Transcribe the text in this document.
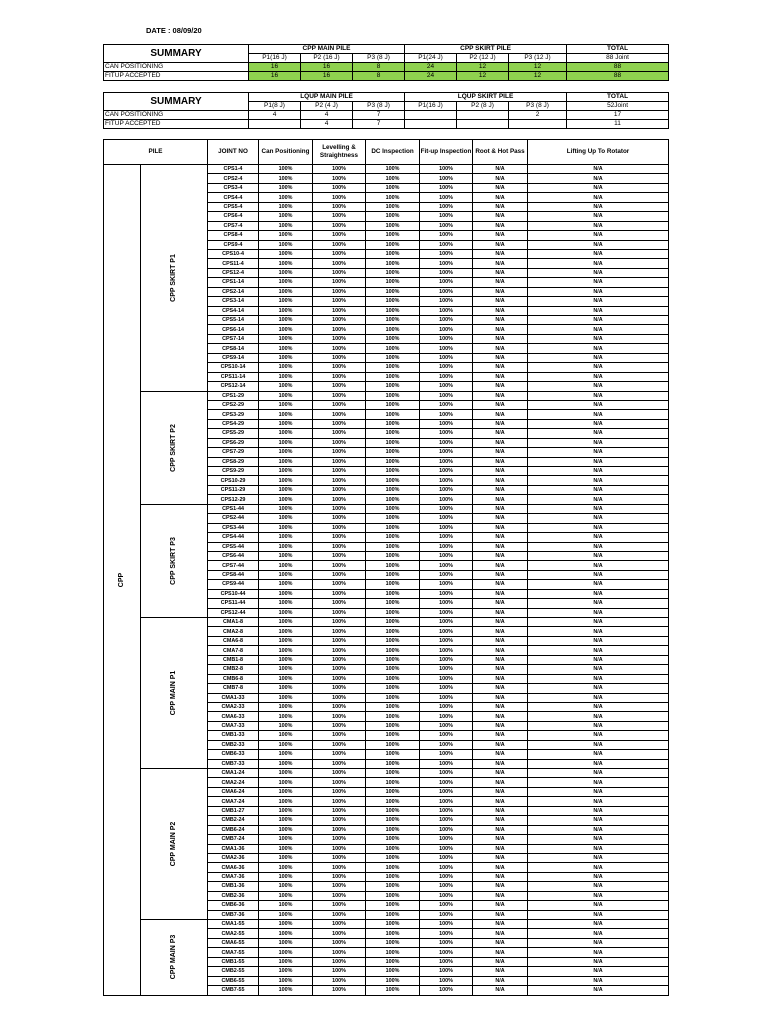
DATE : 08/09/20
SUMMARY	CPP MAIN PILE			CPP SKIRT PILE			TOTAL
	P1(16 J)	P2 (16 J)	P3 (8 J)	P1(24 J)	P2 (12 J)	P3 (12 J)	88 Joint
CAN POSITIONING	16	16	8	24	12	12	88
FITUP ACCEPTED	16	16	8	24	12	12	88
SUMMARY	LQUP MAIN PILE			LQUP SKIRT PILE			TOTAL
	P1(8 J)	P2 (4 J)	P3 (8 J)	P1(16 J)	P2 (8 J)	P3 (8 J)	52Joint
CAN POSITIONING	4	4	7			2	17
FITUP ACCEPTED		4	7				11
PILE		JOINT NO	Can Positioning	Levelling & Straightness	DC Inspection	Fit-up Inspection	Root & Hot Pass	Lifting Up To Rotator	

CPP	CPP SKIRT P1	CPS1-4	100%	100%	100%	100%	N/A	N/A	
		CPS2-4	100%	100%	100%	100%	N/A	N/A	
		CPS3-4	100%	100%	100%	100%	N/A	N/A	
		CPS4-4	100%	100%	100%	100%	N/A	N/A	
		CPS5-4	100%	100%	100%	100%	N/A	N/A	
		CPS6-4	100%	100%	100%	100%	N/A	N/A	
		CPS7-4	100%	100%	100%	100%	N/A	N/A	
		CPS8-4	100%	100%	100%	100%	N/A	N/A	
		CPS9-4	100%	100%	100%	100%	N/A	N/A	
		CPS10-4	100%	100%	100%	100%	N/A	N/A	
		CPS11-4	100%	100%	100%	100%	N/A	N/A	
		CPS12-4	100%	100%	100%	100%	N/A	N/A	
		CPS1-14	100%	100%	100%	100%	N/A	N/A	
		CPS2-14	100%	100%	100%	100%	N/A	N/A	
		CPS3-14	100%	100%	100%	100%	N/A	N/A	
		CPS4-14	100%	100%	100%	100%	N/A	N/A	
		CPS5-14	100%	100%	100%	100%	N/A	N/A	
		CPS6-14	100%	100%	100%	100%	N/A	N/A	
		CPS7-14	100%	100%	100%	100%	N/A	N/A	
		CPS8-14	100%	100%	100%	100%	N/A	N/A	
		CPS9-14	100%	100%	100%	100%	N/A	N/A	
		CPS10-14	100%	100%	100%	100%	N/A	N/A	
		CPS11-14	100%	100%	100%	100%	N/A	N/A	
		CPS12-14	100%	100%	100%	100%	N/A	N/A	

	CPP SKIRT P2	CPS1-29	100%	100%	100%	100%	N/A	N/A	
		CPS2-29	100%	100%	100%	100%	N/A	N/A	
		CPS3-29	100%	100%	100%	100%	N/A	N/A	
		CPS4-29	100%	100%	100%	100%	N/A	N/A	
		CPS5-29	100%	100%	100%	100%	N/A	N/A	
		CPS6-29	100%	100%	100%	100%	N/A	N/A	
		CPS7-29	100%	100%	100%	100%	N/A	N/A	
		CPS8-29	100%	100%	100%	100%	N/A	N/A	
		CPS9-29	100%	100%	100%	100%	N/A	N/A	
		CPS10-29	100%	100%	100%	100%	N/A	N/A	
		CPS11-29	100%	100%	100%	100%	N/A	N/A	
		CPS12-29	100%	100%	100%	100%	N/A	N/A	

	CPP SKIRT P3	CPS1-44	100%	100%	100%	100%	N/A	N/A	
		CPS2-44	100%	100%	100%	100%	N/A	N/A	
		CPS3-44	100%	100%	100%	100%	N/A	N/A	
		CPS4-44	100%	100%	100%	100%	N/A	N/A	
		CPS5-44	100%	100%	100%	100%	N/A	N/A	
		CPS6-44	100%	100%	100%	100%	N/A	N/A	
		CPS7-44	100%	100%	100%	100%	N/A	N/A	
		CPS8-44	100%	100%	100%	100%	N/A	N/A	
		CPS9-44	100%	100%	100%	100%	N/A	N/A	
		CPS10-44	100%	100%	100%	100%	N/A	N/A	
		CPS11-44	100%	100%	100%	100%	N/A	N/A	
		CPS12-44	100%	100%	100%	100%	N/A	N/A	

	CPP MAIN P1	CMA1-8	100%	100%	100%	100%	N/A	N/A	
		CMA2-8	100%	100%	100%	100%	N/A	N/A	
		CMA6-8	100%	100%	100%	100%	N/A	N/A	
		CMA7-8	100%	100%	100%	100%	N/A	N/A	
		CMB1-8	100%	100%	100%	100%	N/A	N/A	
		CMB2-8	100%	100%	100%	100%	N/A	N/A	
		CMB6-8	100%	100%	100%	100%	N/A	N/A	
		CMB7-8	100%	100%	100%	100%	N/A	N/A	
		CMA1-33	100%	100%	100%	100%	N/A	N/A	
		CMA2-33	100%	100%	100%	100%	N/A	N/A	
		CMA6-33	100%	100%	100%	100%	N/A	N/A	
		CMA7-33	100%	100%	100%	100%	N/A	N/A	
		CMB1-33	100%	100%	100%	100%	N/A	N/A	
		CMB2-33	100%	100%	100%	100%	N/A	N/A	
		CMB6-33	100%	100%	100%	100%	N/A	N/A	
		CMB7-33	100%	100%	100%	100%	N/A	N/A	

	CPP MAIN P2	CMA1-24	100%	100%	100%	100%	N/A	N/A	
		CMA2-24	100%	100%	100%	100%	N/A	N/A	
		CMA6-24	100%	100%	100%	100%	N/A	N/A	
		CMA7-24	100%	100%	100%	100%	N/A	N/A	
		CMB1-27	100%	100%	100%	100%	N/A	N/A	
		CMB2-24	100%	100%	100%	100%	N/A	N/A	
		CMB6-24	100%	100%	100%	100%	N/A	N/A	
		CMB7-24	100%	100%	100%	100%	N/A	N/A	
		CMA1-36	100%	100%	100%	100%	N/A	N/A	
		CMA2-36	100%	100%	100%	100%	N/A	N/A	
		CMA6-36	100%	100%	100%	100%	N/A	N/A	
		CMA7-36	100%	100%	100%	100%	N/A	N/A	
		CMB1-36	100%	100%	100%	100%	N/A	N/A	
		CMB2-36	100%	100%	100%	100%	N/A	N/A	
		CMB6-36	100%	100%	100%	100%	N/A	N/A	
		CMB7-36	100%	100%	100%	100%	N/A	N/A	

	CPP MAIN P3	CMA1-55	100%	100%	100%	100%	N/A	N/A	
		CMA2-55	100%	100%	100%	100%	N/A	N/A	
		CMA6-55	100%	100%	100%	100%	N/A	N/A	
		CMA7-55	100%	100%	100%	100%	N/A	N/A	
		CMB1-55	100%	100%	100%	100%	N/A	N/A	
		CMB2-55	100%	100%	100%	100%	N/A	N/A	
		CMB6-55	100%	100%	100%	100%	N/A	N/A	
		CMB7-55	100%	100%	100%	100%	N/A	N/A	
